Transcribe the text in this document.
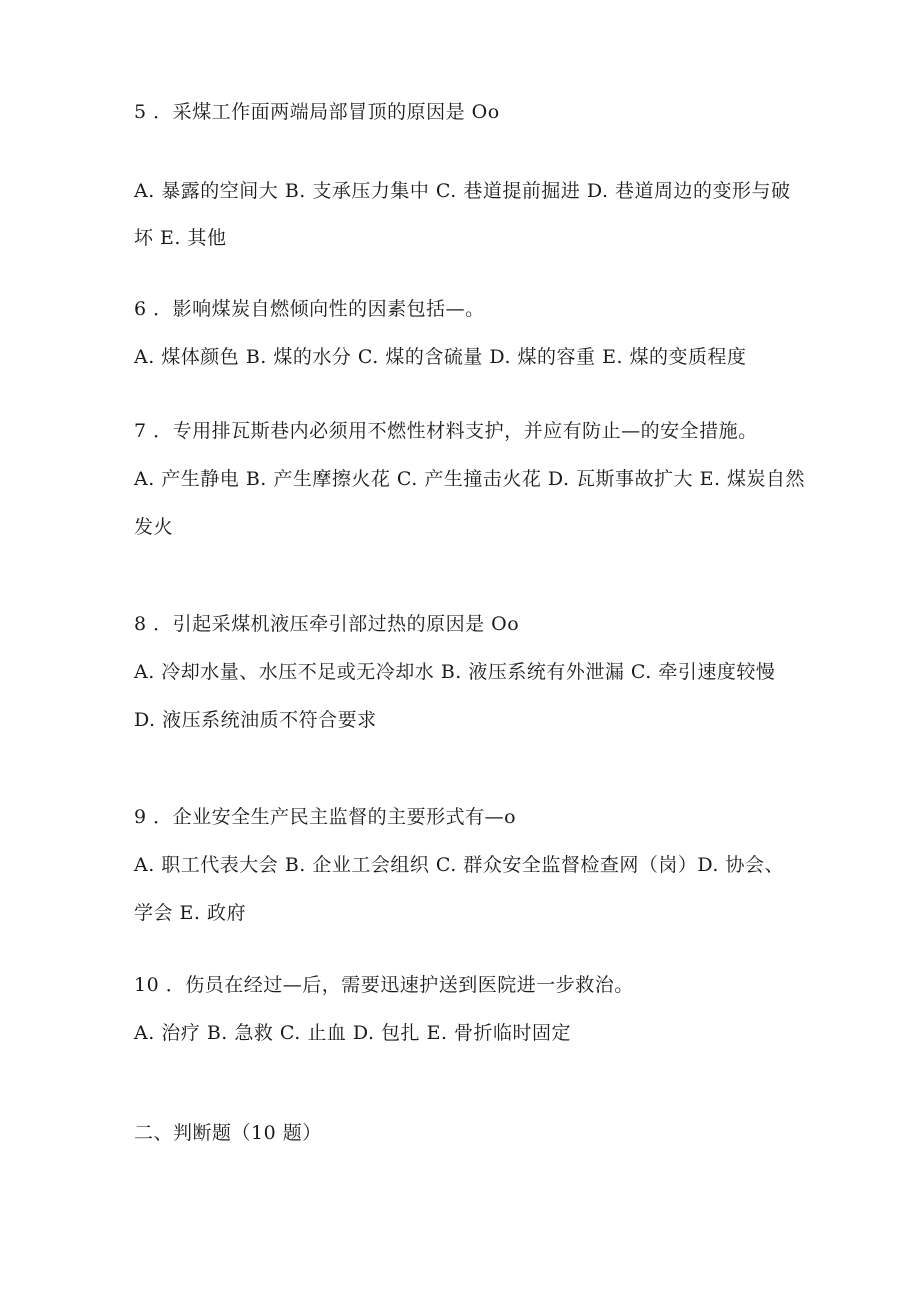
5 ．采煤工作面两端局部冒顶的原因是 Oo

A. 暴露的空间大 B. 支承压力集中 C. 巷道提前掘进 D. 巷道周边的变形与破

坏 E. 其他

6 ．影响煤炭自燃倾向性的因素包括—。

A. 煤体颜色 B. 煤的水分 C. 煤的含硫量 D. 煤的容重 E. 煤的变质程度

7 ．专用排瓦斯巷内必须用不燃性材料支护，并应有防止—的安全措施。

A. 产生静电 B. 产生摩擦火花 C. 产生撞击火花 D. 瓦斯事故扩大 E. 煤炭自然

发火

8 ．引起采煤机液压牵引部过热的原因是 Oo

A. 冷却水量、水压不足或无冷却水 B. 液压系统有外泄漏 C. 牵引速度较慢

D. 液压系统油质不符合要求

9 ．企业安全生产民主监督的主要形式有—o

A. 职工代表大会 B. 企业工会组织 C. 群众安全监督检查网（岗）D. 协会、

学会 E. 政府

10 ．伤员在经过—后，需要迅速护送到医院进一步救治。

A. 治疗 B. 急救 C. 止血 D. 包扎 E. 骨折临时固定

二、判断题（10 题）
